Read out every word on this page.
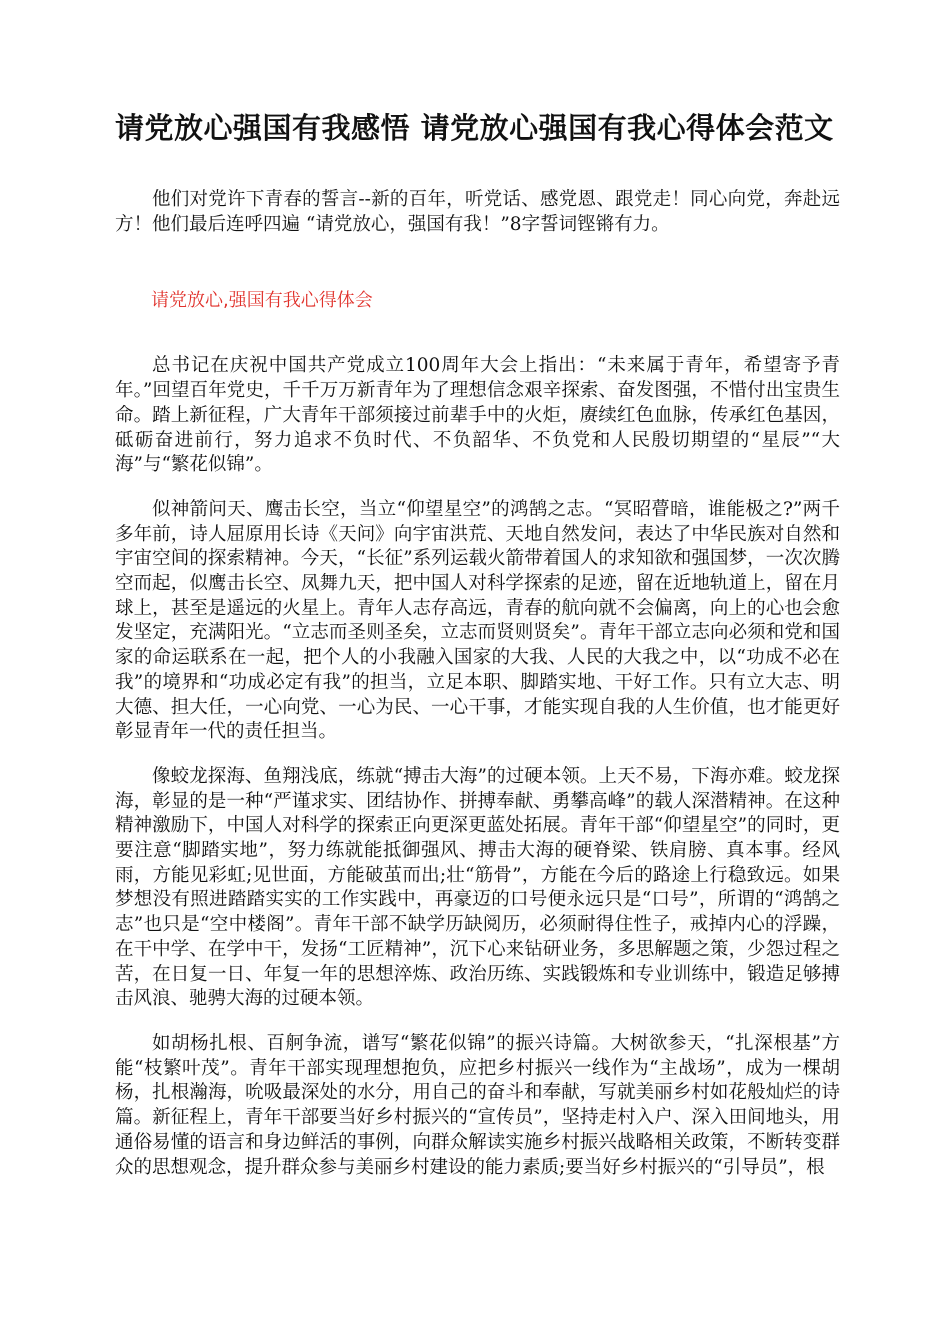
请党放心强国有我感悟 请党放心强国有我心得体会范文

他们对党许下青春的誓言--新的百年，听党话、感党恩、跟党走！同心向党，奔赴远方！他们最后连呼四遍 “请党放心，强国有我！”8字誓词铿锵有力。

请党放心,强国有我心得体会

总书记在庆祝中国共产党成立100周年大会上指出：“未来属于青年，希望寄予青年。”回望百年党史，千千万万新青年为了理想信念艰辛探索、奋发图强，不惜付出宝贵生命。踏上新征程，广大青年干部须接过前辈手中的火炬，赓续红色血脉，传承红色基因，砥砺奋进前行，努力追求不负时代、不负韶华、不负党和人民殷切期望的“星辰”“大海”与“繁花似锦”。

似神箭问天、鹰击长空，当立“仰望星空”的鸿鹄之志。“冥昭瞢暗，谁能极之?”两千多年前，诗人屈原用长诗《天问》向宇宙洪荒、天地自然发问，表达了中华民族对自然和宇宙空间的探索精神。今天，“长征”系列运载火箭带着国人的求知欲和强国梦，一次次腾空而起，似鹰击长空、凤舞九天，把中国人对科学探索的足迹，留在近地轨道上，留在月球上，甚至是遥远的火星上。青年人志存高远，青春的航向就不会偏离，向上的心也会愈发坚定，充满阳光。“立志而圣则圣矣，立志而贤则贤矣”。青年干部立志向必须和党和国家的命运联系在一起，把个人的小我融入国家的大我、人民的大我之中，以“功成不必在我”的境界和“功成必定有我”的担当，立足本职、脚踏实地、干好工作。只有立大志、明大德、担大任，一心向党、一心为民、一心干事，才能实现自我的人生价值，也才能更好彰显青年一代的责任担当。

像蛟龙探海、鱼翔浅底，练就“搏击大海”的过硬本领。上天不易，下海亦难。蛟龙探海，彰显的是一种“严谨求实、团结协作、拼搏奉献、勇攀高峰”的载人深潜精神。在这种精神激励下，中国人对科学的探索正向更深更蓝处拓展。青年干部“仰望星空”的同时，更要注意“脚踏实地”，努力练就能抵御强风、搏击大海的硬脊梁、铁肩膀、真本事。经风雨，方能见彩虹;见世面，方能破茧而出;壮“筋骨”，方能在今后的路途上行稳致远。如果梦想没有照进踏踏实实的工作实践中，再豪迈的口号便永远只是“口号”，所谓的“鸿鹄之志”也只是“空中楼阁”。青年干部不缺学历缺阅历，必须耐得住性子，戒掉内心的浮躁，在干中学、在学中干，发扬“工匠精神”，沉下心来钻研业务，多思解题之策，少怨过程之苦，在日复一日、年复一年的思想淬炼、政治历练、实践锻炼和专业训练中，锻造足够搏击风浪、驰骋大海的过硬本领。

如胡杨扎根、百舸争流，谱写“繁花似锦”的振兴诗篇。大树欲参天，“扎深根基”方能“枝繁叶茂”。青年干部实现理想抱负，应把乡村振兴一线作为“主战场”，成为一棵胡杨，扎根瀚海，吮吸最深处的水分，用自己的奋斗和奉献，写就美丽乡村如花般灿烂的诗篇。新征程上，青年干部要当好乡村振兴的“宣传员”，坚持走村入户、深入田间地头，用通俗易懂的语言和身边鲜活的事例，向群众解读实施乡村振兴战略相关政策，不断转变群众的思想观念，提升群众参与美丽乡村建设的能力素质;要当好乡村振兴的“引导员”，根
